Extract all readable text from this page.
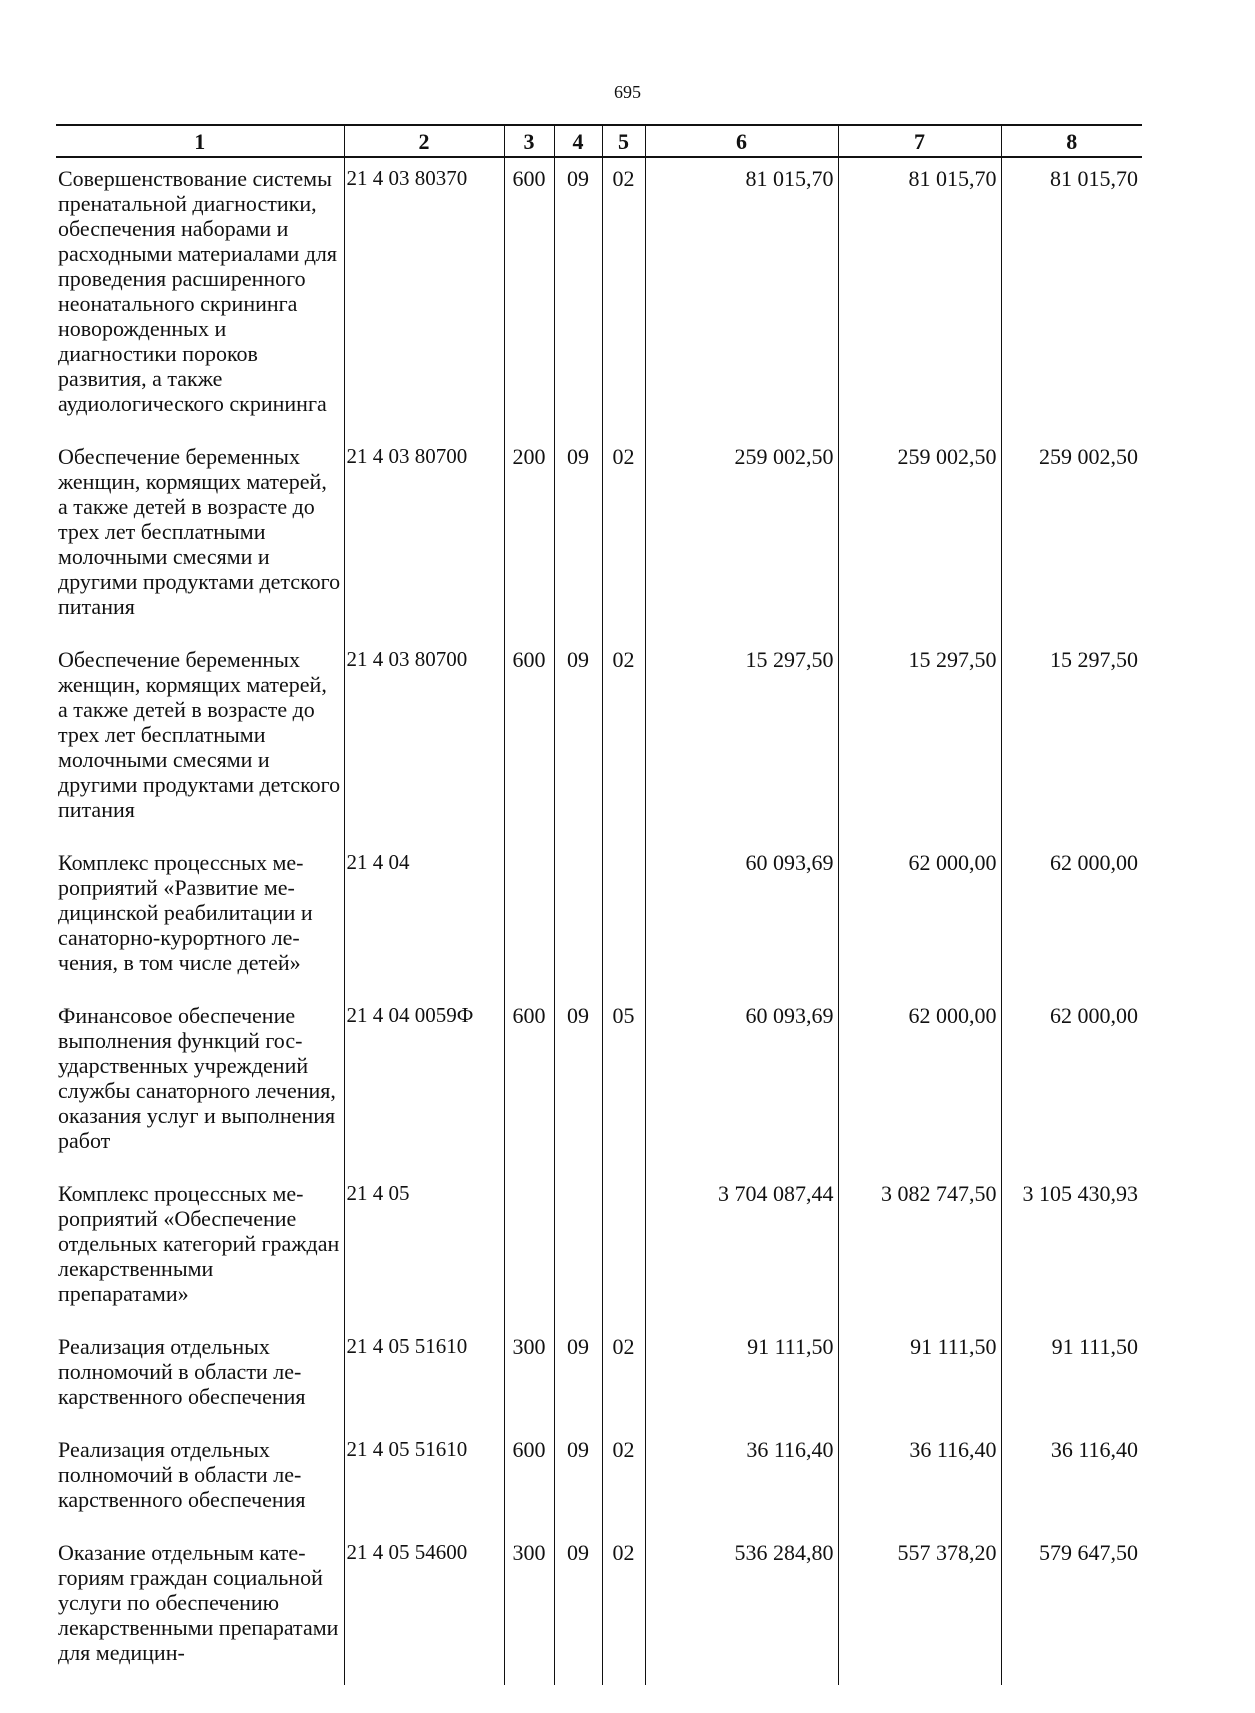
695
1	2	3	4	5	6	7	8
Совершенствование системы пренатальной диагностики, обеспечения наборами и расходными материалами для проведения расширенного неонатального скрининга новорожденных и диагностики пороков развития, а также аудиологического скрининга	21 4 03 80370	600	09	02	81 015,70	81 015,70	81 015,70
Обеспечение беременных женщин, кормящих матерей, а также детей в возрасте до трех лет бесплатными молочными смесями и другими продуктами детского питания	21 4 03 80700	200	09	02	259 002,50	259 002,50	259 002,50
Обеспечение беременных женщин, кормящих матерей, а также детей в возрасте до трех лет бесплатными молочными смесями и другими продуктами детского питания	21 4 03 80700	600	09	02	15 297,50	15 297,50	15 297,50
Комплекс процессных мероприятий «Развитие медицинской реабилитации и санаторно-курортного лечения, в том числе детей»	21 4 04				60 093,69	62 000,00	62 000,00
Финансовое обеспечение выполнения функций государственных учреждений службы санаторного лечения, оказания услуг и выполнения работ	21 4 04 0059Ф	600	09	05	60 093,69	62 000,00	62 000,00
Комплекс процессных мероприятий «Обеспечение отдельных категорий граждан лекарственными препаратами»	21 4 05				3 704 087,44	3 082 747,50	3 105 430,93
Реализация отдельных полномочий в области лекарственного обеспечения	21 4 05 51610	300	09	02	91 111,50	91 111,50	91 111,50
Реализация отдельных полномочий в области лекарственного обеспечения	21 4 05 51610	600	09	02	36 116,40	36 116,40	36 116,40
Оказание отдельным категориям граждан социальной услуги по обеспечению лекарственными препаратами для медицин-	21 4 05 54600	300	09	02	536 284,80	557 378,20	579 647,50
